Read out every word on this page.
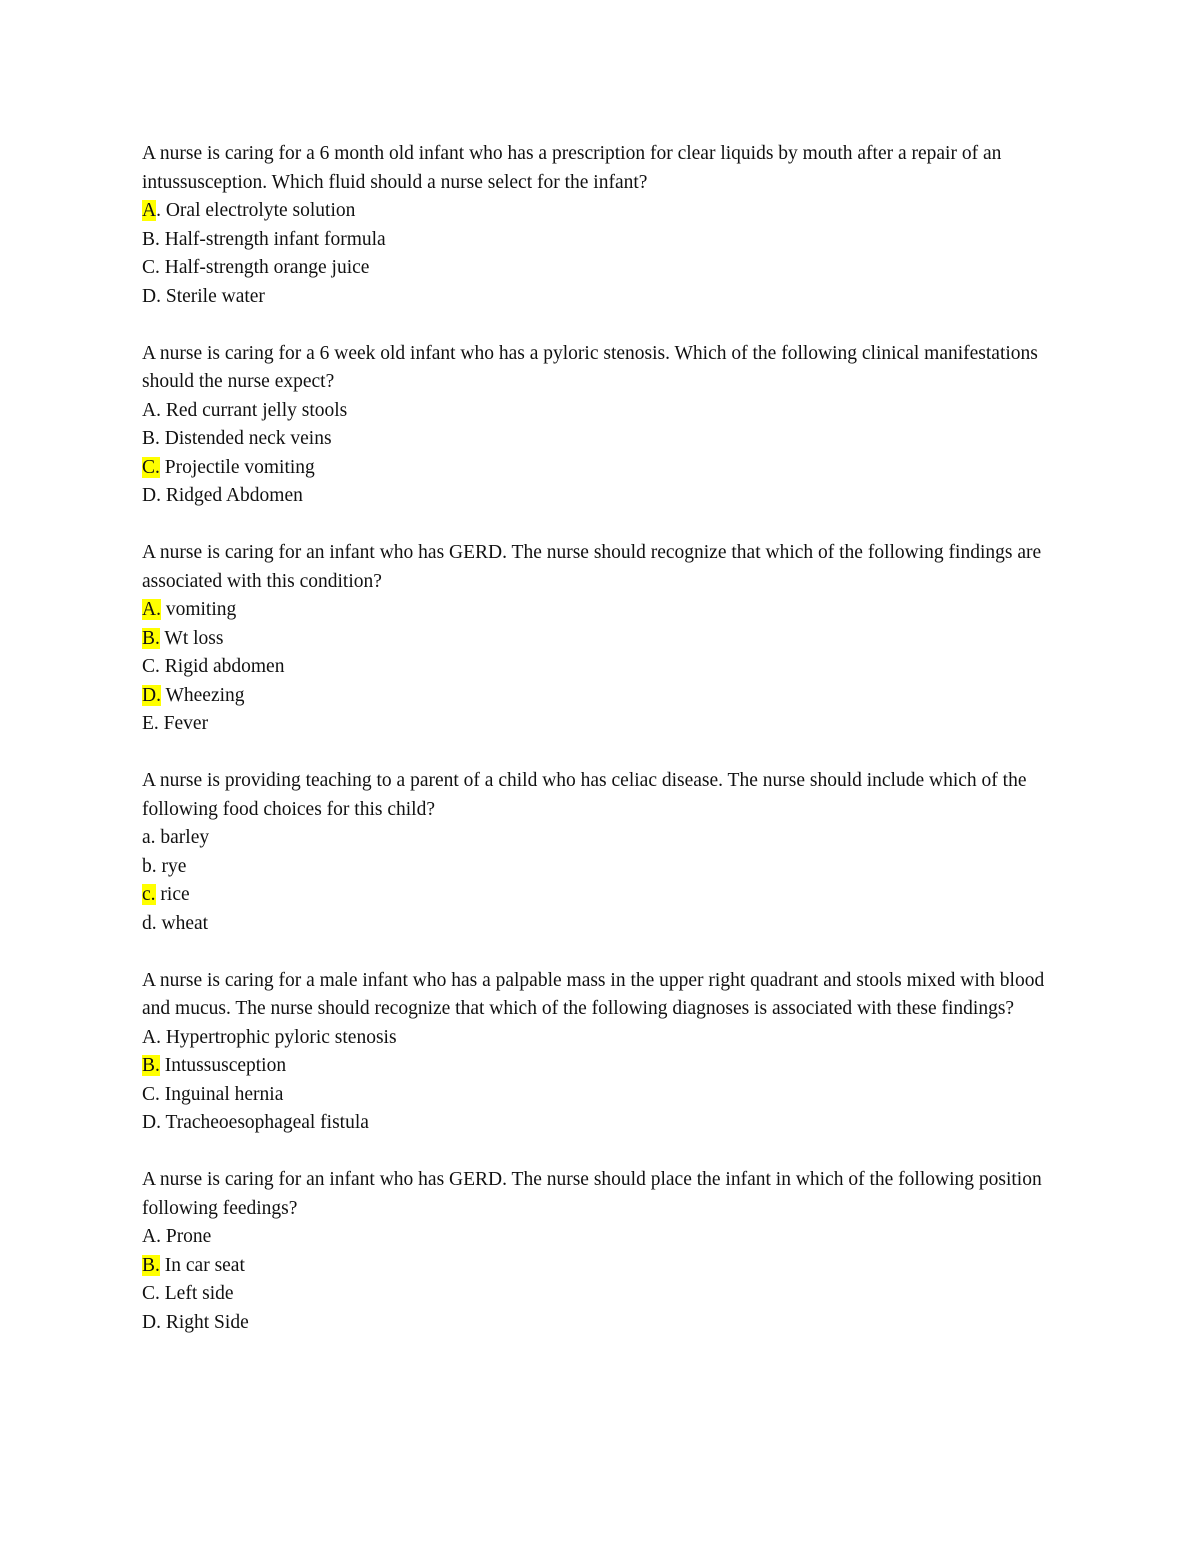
A nurse is caring for a 6 month old infant who has a prescription for clear liquids by mouth after a repair of an intussusception. Which fluid should a nurse select for the infant?
A. Oral electrolyte solution
B. Half-strength infant formula
C. Half-strength orange juice
D. Sterile water
A nurse is caring for a 6 week old infant who has a pyloric stenosis. Which of the following clinical manifestations should the nurse expect?
A. Red currant jelly stools
B. Distended neck veins
C. Projectile vomiting
D. Ridged Abdomen
A nurse is caring for an infant who has GERD. The nurse should recognize that which of the following findings are associated with this condition?
A. vomiting
B. Wt loss
C. Rigid abdomen
D. Wheezing
E. Fever
A nurse is providing teaching to a parent of a child who has celiac disease. The nurse should include which of the following food choices for this child?
a. barley
b. rye
c. rice
d. wheat
A nurse is caring for a male infant who has a palpable mass in the upper right quadrant and stools mixed with blood and mucus. The nurse should recognize that which of the following diagnoses is associated with these findings?
A. Hypertrophic pyloric stenosis
B. Intussusception
C. Inguinal hernia
D. Tracheoesophageal fistula
A nurse is caring for an infant who has GERD. The nurse should place the infant in which of the following position following feedings?
A. Prone
B. In car seat
C. Left side
D. Right Side
